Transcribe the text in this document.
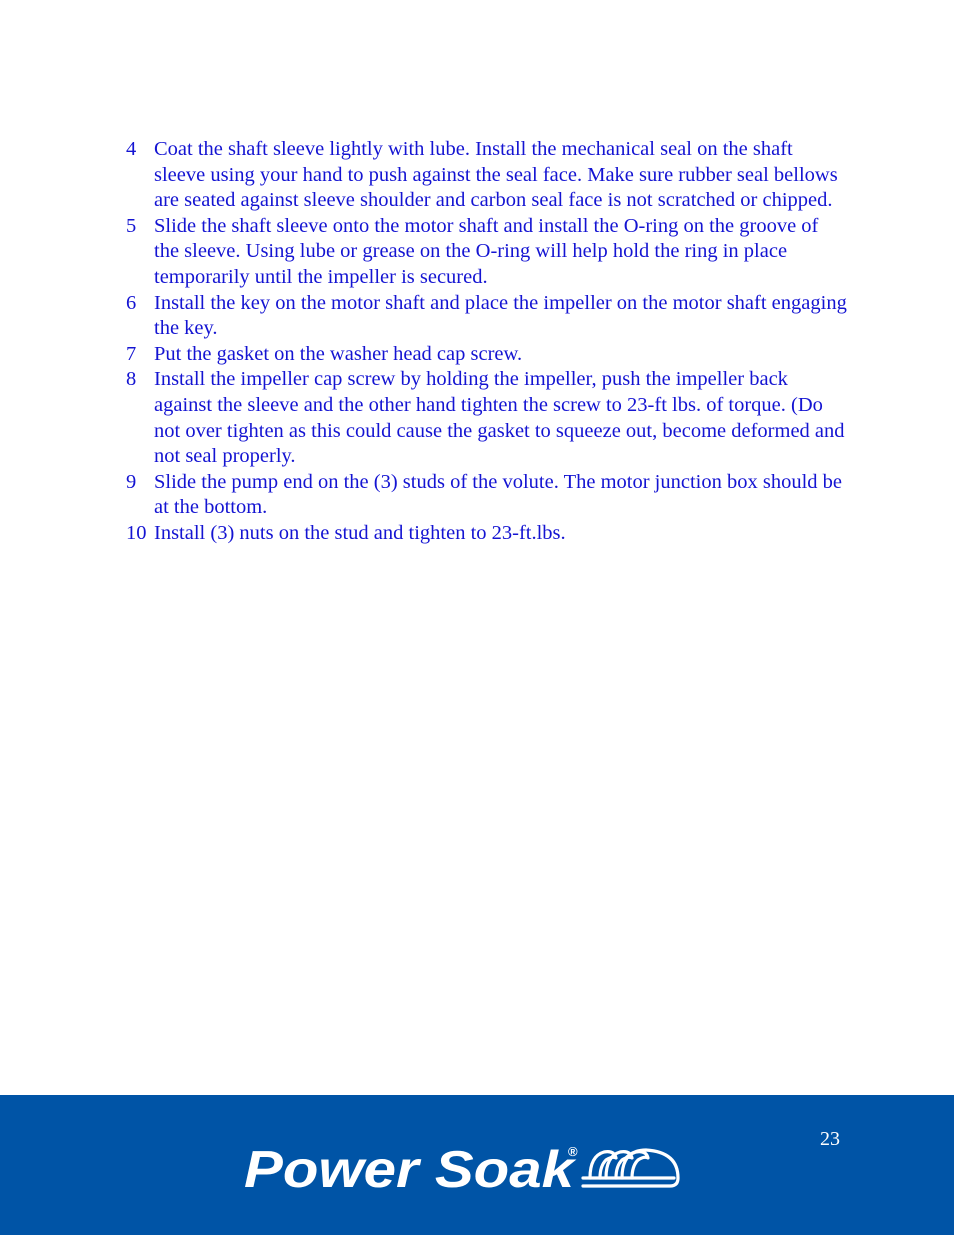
4 Coat the shaft sleeve lightly with lube. Install the mechanical seal on the shaft sleeve using your hand to push against the seal face. Make sure rubber seal bellows are seated against sleeve shoulder and carbon seal face is not scratched or chipped.
5 Slide the shaft sleeve onto the motor shaft and install the O-ring on the groove of the sleeve. Using lube or grease on the O-ring will help hold the ring in place temporarily until the impeller is secured.
6 Install the key on the motor shaft and place the impeller on the motor shaft engaging the key.
7 Put the gasket on the washer head cap screw.
8 Install the impeller cap screw by holding the impeller, push the impeller back against the sleeve and the other hand tighten the screw to 23-ft lbs. of torque. (Do not over tighten as this could cause the gasket to squeeze out, become deformed and not seal properly.
9 Slide the pump end on the (3) studs of the volute. The motor junction box should be at the bottom.
10 Install (3) nuts on the stud and tighten to 23-ft.lbs.
23
Power Soak
®
